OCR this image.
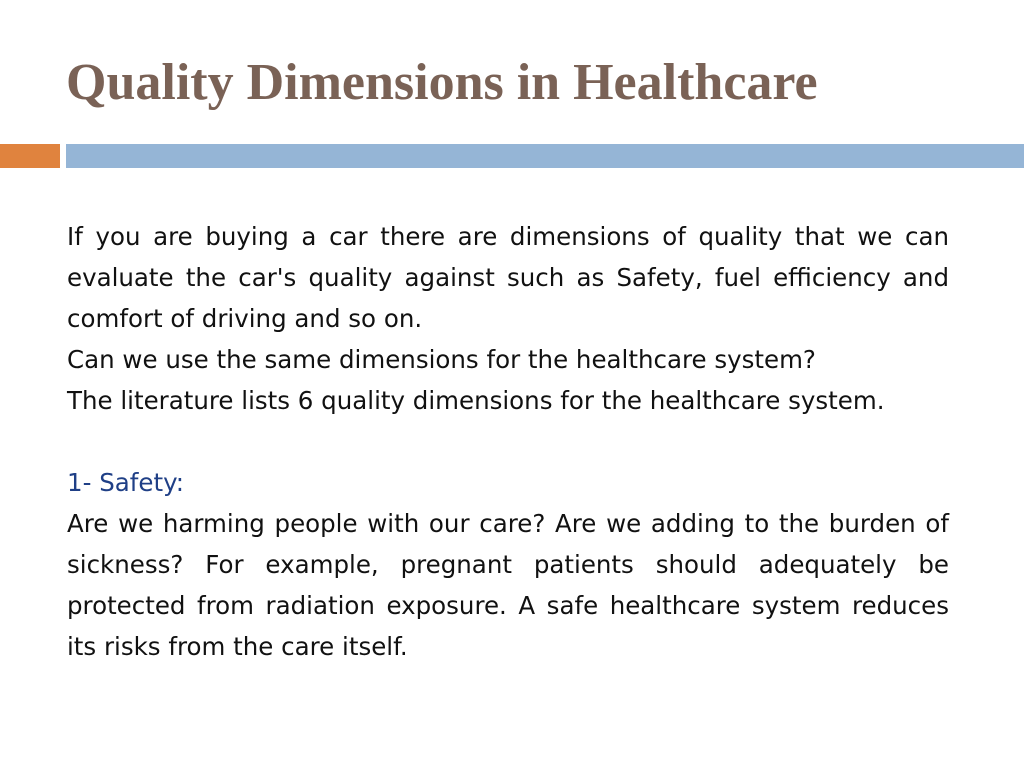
Quality Dimensions in Healthcare

If you are buying a car there are dimensions of quality that we can evaluate the car's quality against such as Safety, fuel efficiency and comfort of driving and so on.

Can we use the same dimensions for the healthcare system?

The literature lists 6 quality dimensions for the healthcare system.

1- Safety:

Are we harming people with our care? Are we adding to the burden of sickness? For example, pregnant patients should adequately be protected from radiation exposure. A safe healthcare system reduces its risks from the care itself.
